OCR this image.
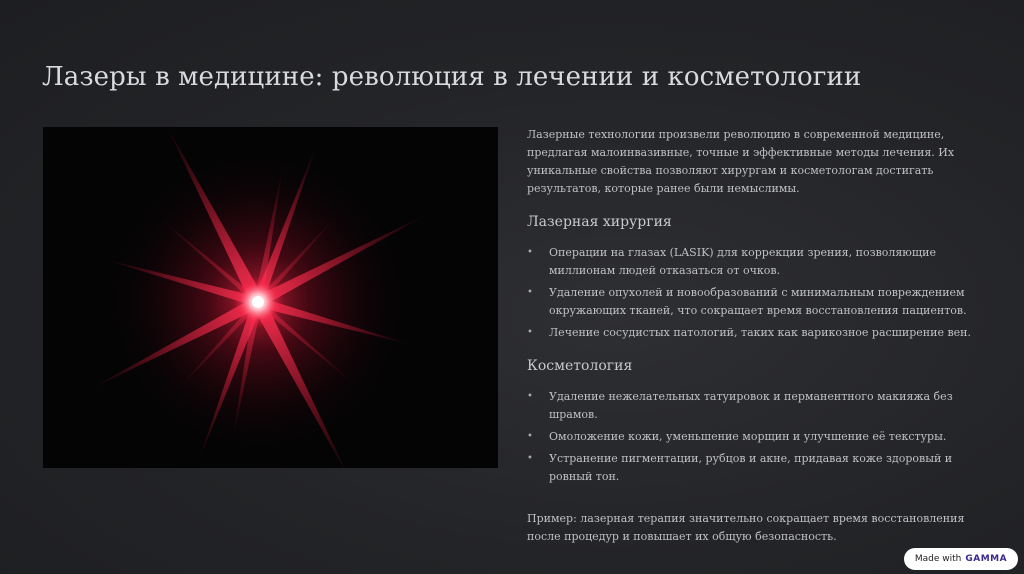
Лазеры в медицине: революция в лечении и косметологии

Лазерные технологии произвели революцию в современной медицине, предлагая малоинвазивные, точные и эффективные методы лечения. Их уникальные свойства позволяют хирургам и косметологам достигать результатов, которые ранее были немыслимы.

Лазерная хирургия
• Операции на глазах (LASIK) для коррекции зрения, позволяющие миллионам людей отказаться от очков.
• Удаление опухолей и новообразований с минимальным повреждением окружающих тканей, что сокращает время восстановления пациентов.
• Лечение сосудистых патологий, таких как варикозное расширение вен.
Косметология
• Удаление нежелательных татуировок и перманентного макияжа без шрамов.
• Омоложение кожи, уменьшение морщин и улучшение её текстуры.
• Устранение пигментации, рубцов и акне, придавая коже здоровый и ровный тон.
Пример: лазерная терапия значительно сокращает время восстановления после процедур и повышает их общую безопасность.
Made with GAMMA
